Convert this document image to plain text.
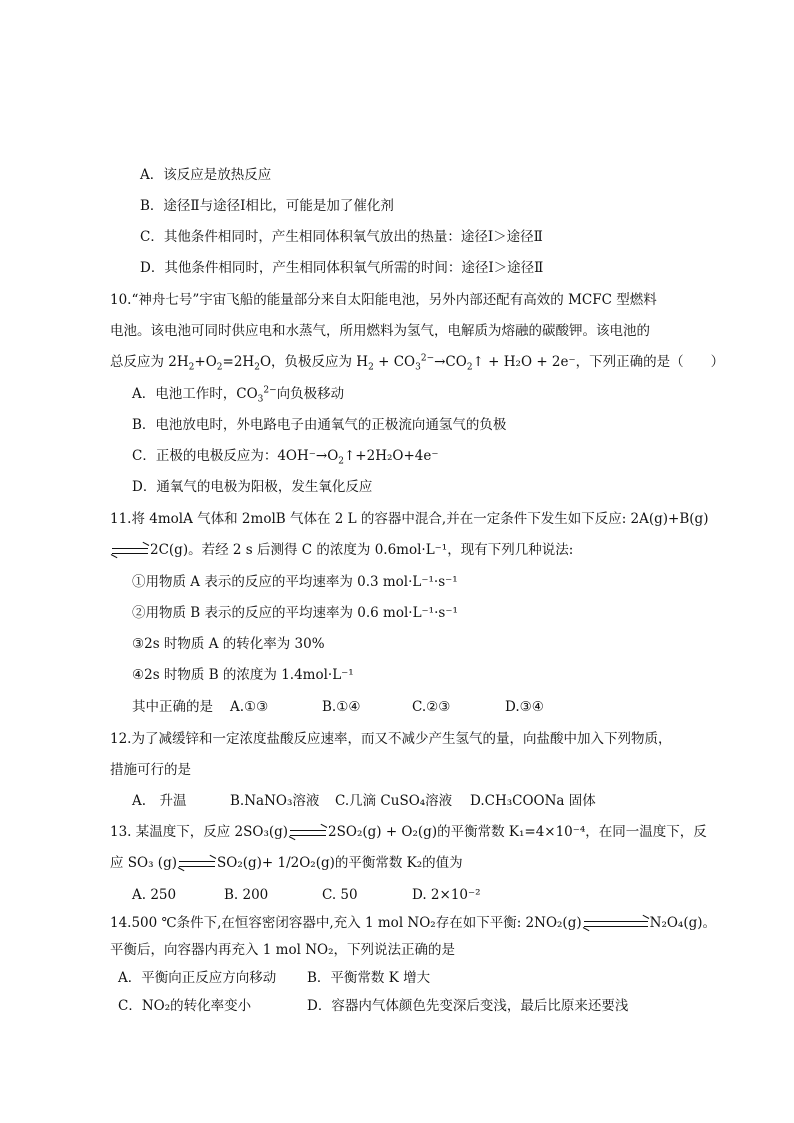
A．该反应是放热反应
B．途径Ⅱ与途径Ⅰ相比，可能是加了催化剂
C．其他条件相同时，产生相同体积氧气放出的热量：途径Ⅰ＞途径Ⅱ
D．其他条件相同时，产生相同体积氧气所需的时间：途径Ⅰ＞途径Ⅱ
10.“神舟七号”宇宙飞船的能量部分来自太阳能电池，另外内部还配有高效的 MCFC 型燃料
电池。该电池可同时供应电和水蒸气，所用燃料为氢气，电解质为熔融的碳酸钾。该电池的
总反应为 $2H_2+O_2=2H_2O$，负极反应为 $H_2$ + $CO_3^{2-}\to CO_2↑ + H_2O + 2e^-$，下列正确的是（　　）
A．电池工作时，$CO_3^{2-}$向负极移动
B．电池放电时，外电路电子由通氧气的正极流向通氢气的负极
C．正极的电极反应为：$4OH^-\to O_2↑+2H_2O+4e^-$
D．通氧气的电极为阳极，发生氧化反应
11.将 4molA 气体和 2molB 气体在 2 L 的容器中混合,并在一定条件下发生如下反应: 2A(g)+B(g)
2C(g)。若经 2 s 后测得 C 的浓度为 0.6mol·L⁻¹，现有下列几种说法:
①用物质 A 表示的反应的平均速率为 0.3 mol·L⁻¹·s⁻¹
②用物质 B 表示的反应的平均速率为 0.6 mol·L⁻¹·s⁻¹
③2s 时物质 A 的转化率为 30%
④2s 时物质 B 的浓度为 1.4mol·L⁻¹
其中正确的是 A.①③	B.①④	C.②③	D.③④
12.为了减缓锌和一定浓度盐酸反应速率，而又不减少产生氢气的量，向盐酸中加入下列物质，
措施可行的是
A.　升温	B.NaNO₃溶液 C.几滴 CuSO₄溶液 D.CH₃COONa 固体
13. 某温度下，反应 2SO₃(g)	2SO₂(g) + O₂(g)的平衡常数 K₁=4×10⁻⁴，在同一温度下，反
应 SO₃ (g)	SO₂(g)+ 1/2O₂(g)的平衡常数 K₂的值为
A. 250	B. 200	C. 50	D. 2×10⁻²
14.500 ℃条件下,在恒容密闭容器中,充入 1 mol NO₂存在如下平衡: 2NO₂(g)	N₂O₄(g)。
平衡后，向容器内再充入 1 mol NO₂，下列说法正确的是
A．平衡向正反应方向移动 B．平衡常数 K 增大
C．NO₂的转化率变小	D．容器内气体颜色先变深后变浅，最后比原来还要浅
